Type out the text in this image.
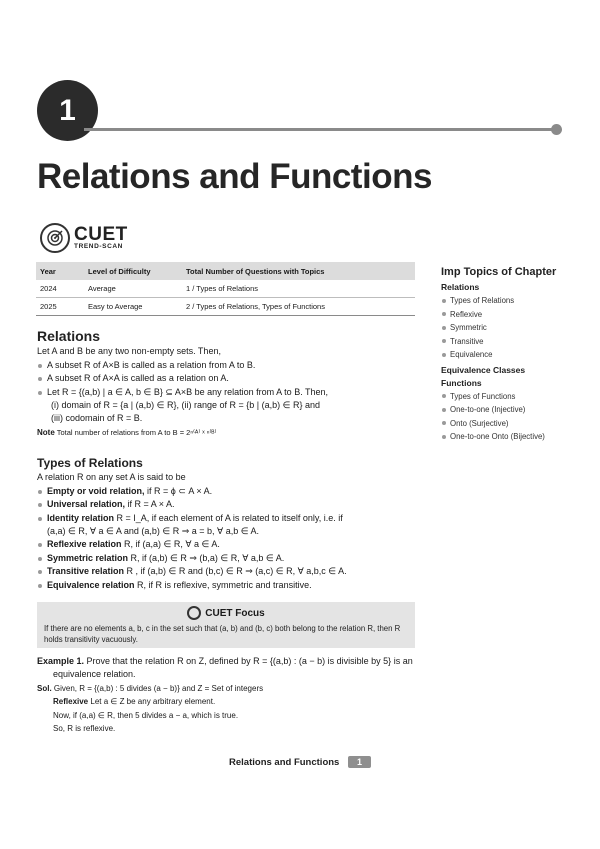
1
Relations and Functions
CUET
TREND-SCAN
Year	Level of Difficulty	Total Number of Questions with Topics
2024	Average	1 / Types of Relations
2025	Easy to Average	2 / Types of Relations, Types of Functions
Imp Topics of Chapter
Relations
Types of Relations
Reflexive
Symmetric
Transitive
Equivalence
Equivalence Classes
Functions
Types of Functions
One-to-one (Injective)
Onto (Surjective)
One-to-one Onto (Bijective)
Relations

Let A and B be any two non-empty sets. Then,

A subset R of A×B is called as a relation from A to B.
A subset R of A×A is called as a relation on A.
Let R = {(a,b) | a ∈ A, b ∈ B} ⊆ A×B be any relation from A to B. Then,

(i) domain of R = {a | (a,b) ∈ R}, (ii) range of R = {b | (a,b) ∈ R} and

(iii) codomain of R = B.

Note Total number of relations from A to B = 2ⁿ⁽ᴬ⁾ ˣ ⁿ⁽ᴮ⁾

Types of Relations

A relation R on any set A is said to be

Empty or void relation, if R = ϕ ⊂ A × A.
Universal relation, if R = A × A.
Identity relation R = I_A, if each element of A is related to itself only, i.e. if

(a,a) ∈ R, ∀ a ∈ A and (a,b) ∈ R ⇒ a = b, ∀ a,b ∈ A.

Reflexive relation R, if (a,a) ∈ R, ∀ a ∈ A.
Symmetric relation R, if (a,b) ∈ R ⇒ (b,a) ∈ R, ∀ a,b ∈ A.
Transitive relation R , if (a,b) ∈ R and (b,c) ∈ R ⇒ (a,c) ∈ R, ∀ a,b,c ∈ A.
Equivalence relation R, if R is reflexive, symmetric and transitive.
CUET Focus
If there are no elements a, b, c in the set such that (a, b) and (b, c) both belong to the relation R, then R holds transitivity vacuously.

Example 1. Prove that the relation R on Z, defined by R = {(a,b) : (a − b) is divisible by 5} is an

equivalence relation.

Sol. Given, R = {(a,b) : 5 divides (a − b)} and Z = Set of integers

Reflexive Let a ∈ Z be any arbitrary element.

Now, if (a,a) ∈ R, then 5 divides a − a, which is true.

So, R is reflexive.

Relations and Functions 1
